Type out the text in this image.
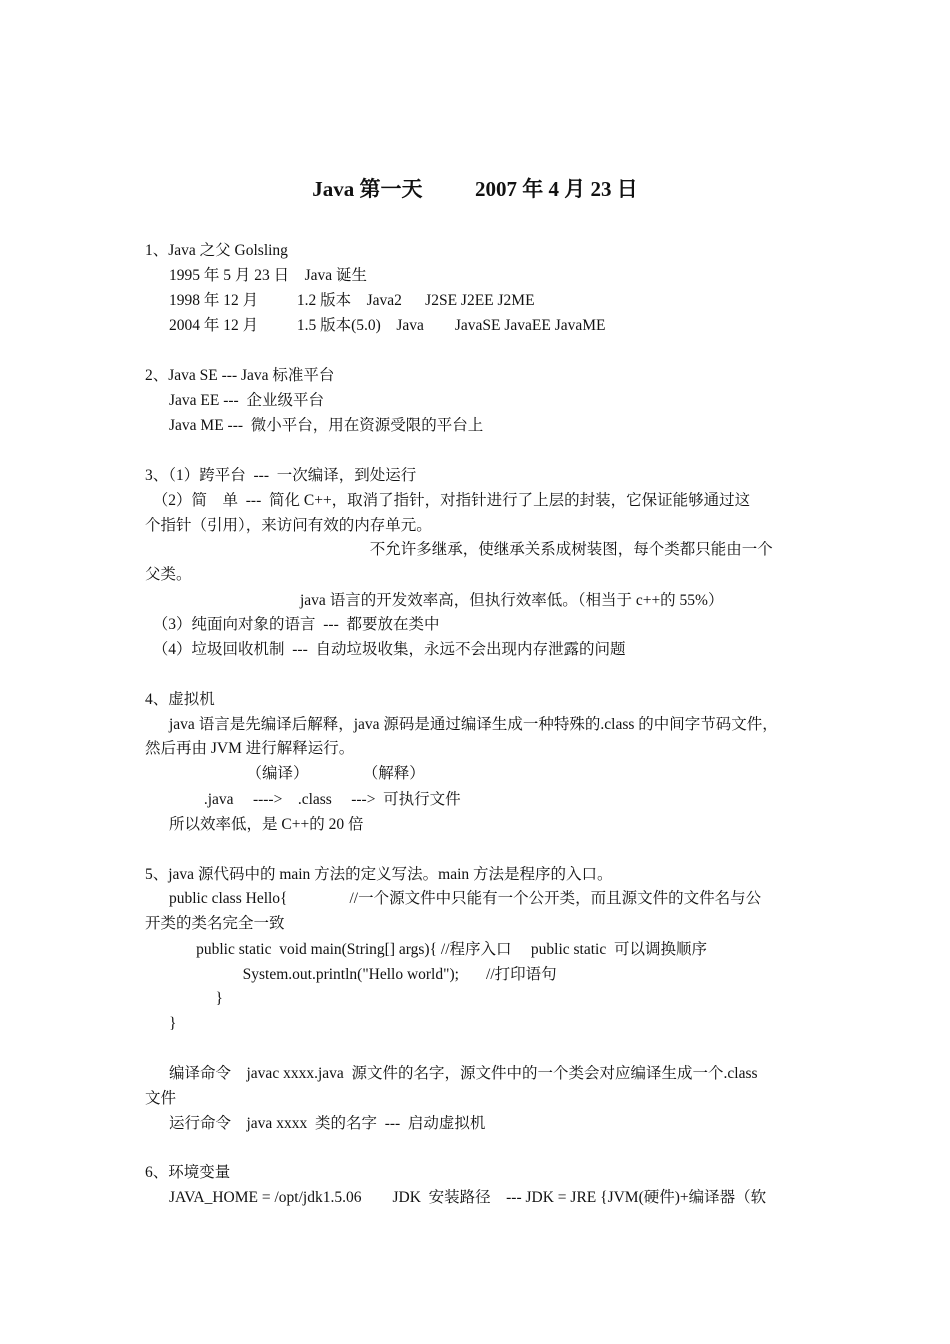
Java 第一天          2007 年 4 月 23 日
1、Java 之父 Golsling
1995 年 5 月 23 日    Java 诞生
1998 年 12 月          1.2 版本    Java2      J2SE J2EE J2ME
2004 年 12 月          1.5 版本(5.0)    Java        JavaSE JavaEE JavaME
2、Java SE --- Java 标准平台
Java EE ---  企业级平台
Java ME ---  微小平台，用在资源受限的平台上
3、（1）跨平台  ---  一次编译，到处运行
（2）简    单  ---  简化 C++，取消了指针，对指针进行了上层的封装，它保证能够通过这
个指针（引用），来访问有效的内存单元。
不允许多继承，使继承关系成树装图，每个类都只能由一个
父类。
java 语言的开发效率高，但执行效率低。（相当于 c++的 55%）
（3）纯面向对象的语言  ---  都要放在类中
（4）垃圾回收机制  ---  自动垃圾收集，永远不会出现内存泄露的问题
4、虚拟机
java 语言是先编译后解释，java 源码是通过编译生成一种特殊的.class 的中间字节码文件，
然后再由 JVM 进行解释运行。
（编译）              （解释）
.java     ---->    .class     --->  可执行文件
所以效率低，是 C++的 20 倍
5、java 源代码中的 main 方法的定义写法。main 方法是程序的入口。
public class Hello{                //一个源文件中只能有一个公开类，而且源文件的文件名与公
开类的类名完全一致
public static  void main(String[] args){ //程序入口     public static  可以调换顺序
System.out.println("Hello world");       //打印语句
}
}
编译命令    javac xxxx.java  源文件的名字，源文件中的一个类会对应编译生成一个.class
文件
运行命令    java xxxx  类的名字  ---  启动虚拟机
6、环境变量
JAVA_HOME = /opt/jdk1.5.06        JDK  安装路径    --- JDK = JRE {JVM(硬件)+编译器（软
